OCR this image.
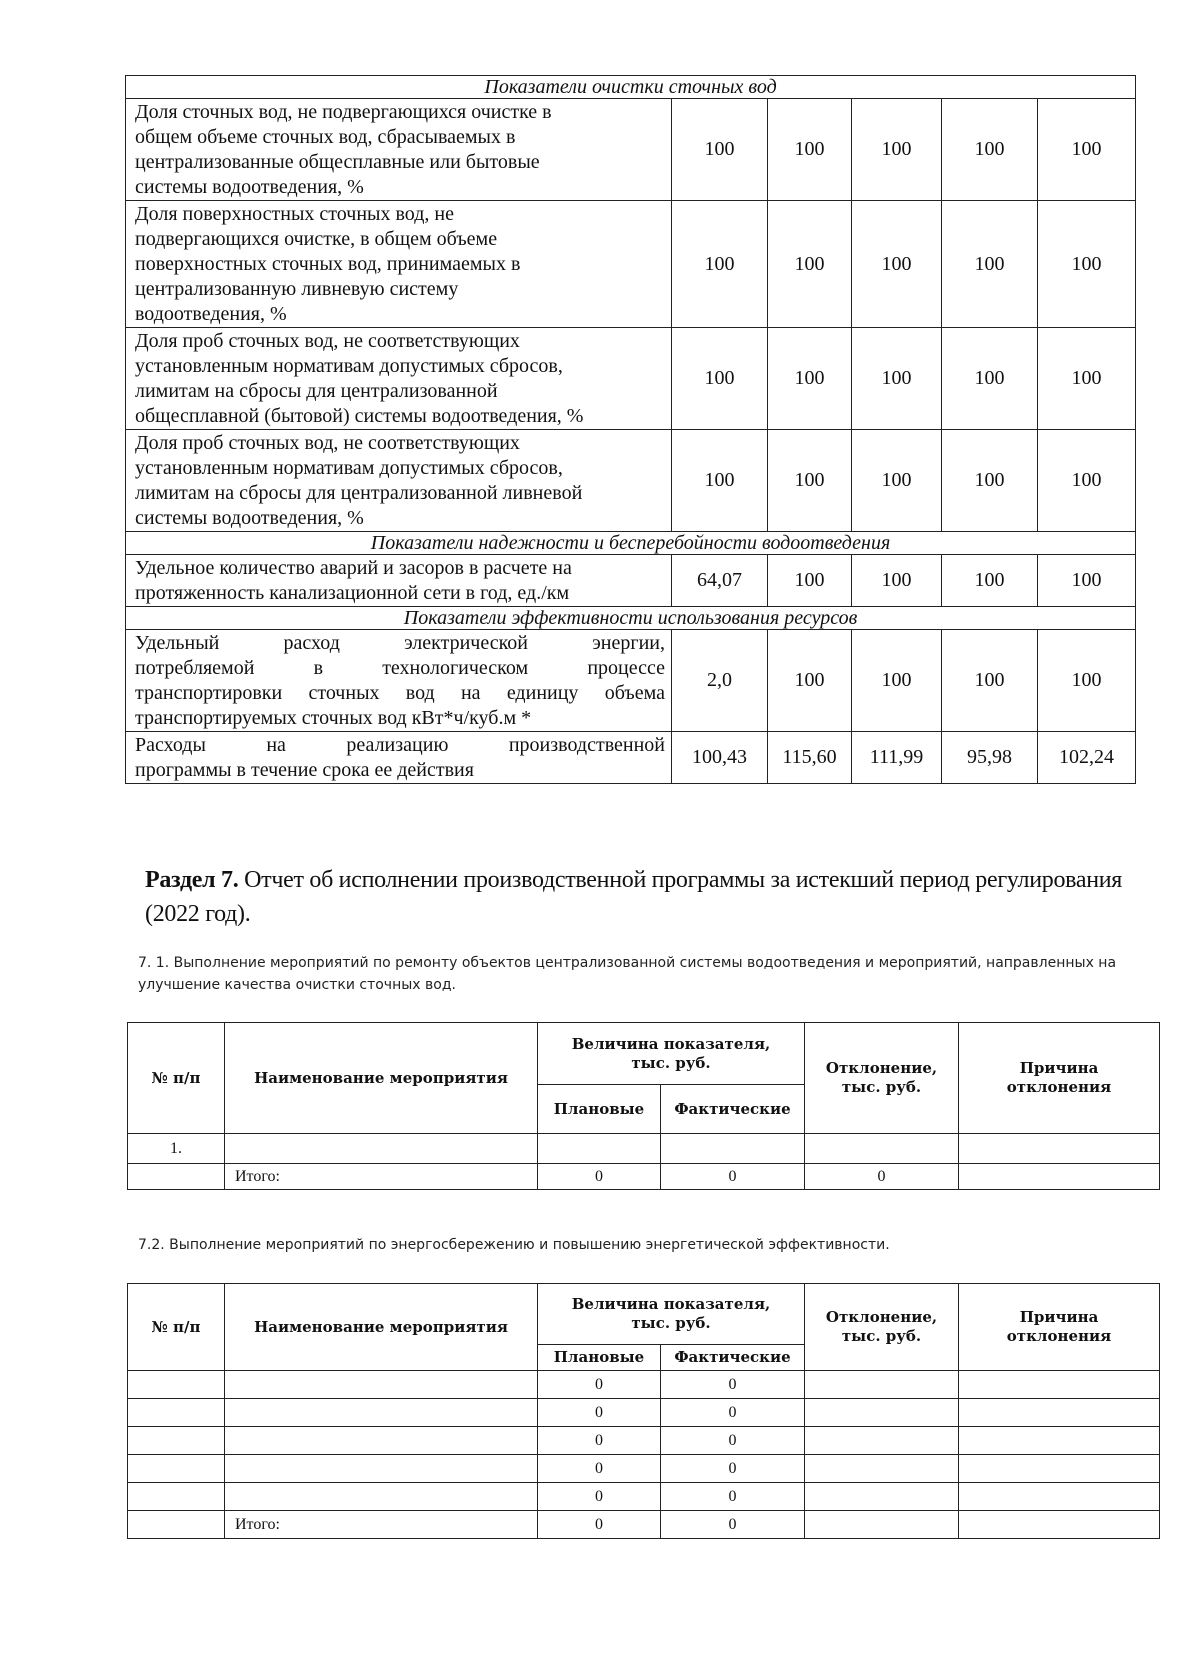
Показатели очистки сточных вод					

Доля сточных вод, не подвергающихся очистке в
общем объеме сточных вод, сбрасываемых в
централизованные общесплавные или бытовые
системы водоотведения, %	100	100	100	100	100

Доля поверхностных сточных вод, не
подвергающихся очистке, в общем объеме
поверхностных сточных вод, принимаемых в
централизованную ливневую систему
водоотведения, %	100	100	100	100	100

Доля проб сточных вод, не соответствующих
установленным нормативам допустимых сбросов,
лимитам на сбросы для централизованной
общесплавной (бытовой) системы водоотведения, %	100	100	100	100	100

Доля проб сточных вод, не соответствующих
установленным нормативам допустимых сбросов,
лимитам на сбросы для централизованной ливневой
системы водоотведения, %	100	100	100	100	100
Показатели надежности и бесперебойности водоотведения					

Удельное количество аварий и засоров в расчете на
протяженность канализационной сети в год, ед./км	64,07	100	100	100	100
Показатели эффективности использования ресурсов					
Удельный расход электрической энергии,
потребляемой в технологическом процессе
транспортировки сточных вод на единицу объема

транспортируемых сточных вод кВт*ч/куб.м *	2,0	100	100	100	100
Расходы на реализацию производственной

программы в течение срока ее действия	100,43	115,60	111,99	95,98	102,24
Раздел 7. Отчет об исполнении производственной программы за истекший период регулирования (2022 год).
7. 1. Выполнение мероприятий по ремонту объектов централизованной системы водоотведения и мероприятий, направленных на улучшение качества очистки сточных вод.
№ п/п	Наименование мероприятия	Величина показателя, тыс. руб.		Отклонение, тыс. руб.	Причина отклонения
		Плановые	Фактические		
1.					
	Итого:	0	0	0	
7.2. Выполнение мероприятий по энергосбережению и повышению энергетической эффективности.
№ п/п	Наименование мероприятия	Величина показателя, тыс. руб.		Отклонение, тыс. руб.	Причина отклонения
		Плановые	Фактические		
		0	0		
		0	0		
		0	0		
		0	0		
		0	0		
	Итого:	0	0		
